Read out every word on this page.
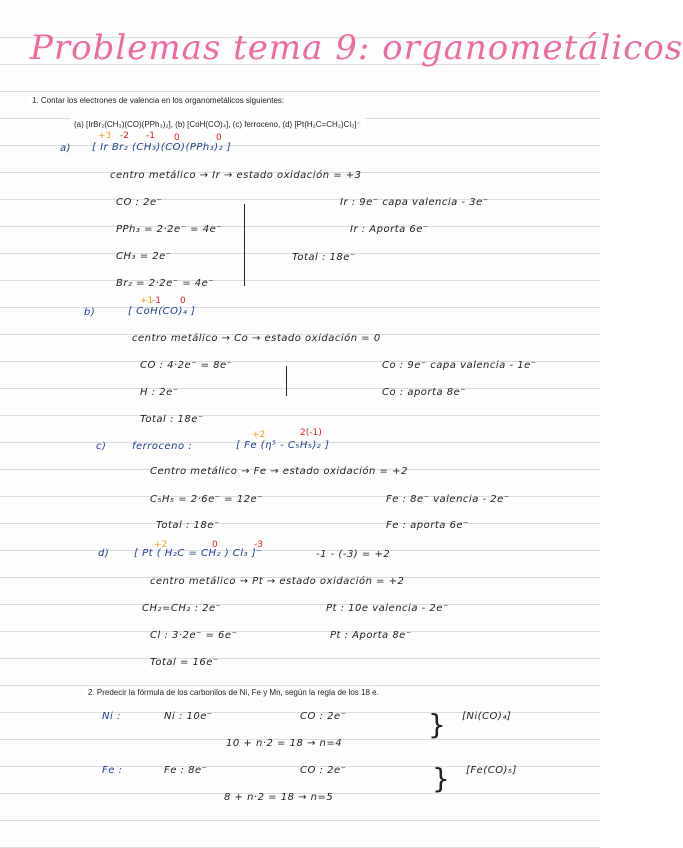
Problemas tema 9: organometálicos
1. Contar los electrones de valencia en los organometálicos siguientes:
(a) [IrBr₂(CH₃)(CO)(PPh₃)₂], (b) [CoH(CO)₄], (c) ferroceno, (d) [Pt(H₂C=CH₂)Cl₃]⁻
+3 -2 -1 0	0
a) [ Ir Br₂ (CH₃)(CO)(PPh₃)₂ ]
centro metálico → Ir → estado oxidación = +3
CO : 2e⁻
PPh₃ = 2·2e⁻ = 4e⁻
CH₃ = 2e⁻
Br₂ = 2·2e⁻ = 4e⁻
Ir : 9e⁻ capa valencia - 3e⁻
Ir : Aporta 6e⁻
Total : 18e⁻
+1
-1 0
b)	[ CoH(CO)₄ ]
centro metálico → Co → estado oxidación = 0
CO : 4·2e⁻ = 8e⁻
H : 2e⁻
Total : 18e⁻
Co : 9e⁻ capa valencia - 1e⁻
Co : aporta 8e⁻
+2	2(-1)
c)	ferroceno :	[ Fe (η⁵ - C₅H₅)₂ ]
Centro metálico → Fe → estado oxidación = +2
C₅H₅ = 2·6e⁻ = 12e⁻
Total : 18e⁻
Fe : 8e⁻ valencia - 2e⁻
Fe : aporta 6e⁻
+2	0	-3
d) [ Pt ( H₂C = CH₂ ) Cl₃ ]⁻	-1 - (-3) = +2
centro metálico → Pt → estado oxidación = +2
CH₂=CH₂ : 2e⁻
Cl : 3·2e⁻ = 6e⁻
Total = 16e⁻
Pt : 10e valencia - 2e⁻
Pt : Aporta 8e⁻
2. Predecir la fórmula de los carbonilos de Ni, Fe y Mn, según la regla de los 18 e.
Ni :	Ni : 10e⁻	CO : 2e⁻
10 + n·2 = 18 → n=4
} [Ni(CO)₄]
Fe :	Fe : 8e⁻	CO : 2e⁻
8 + n·2 = 18 → n=5
} [Fe(CO)₅]
